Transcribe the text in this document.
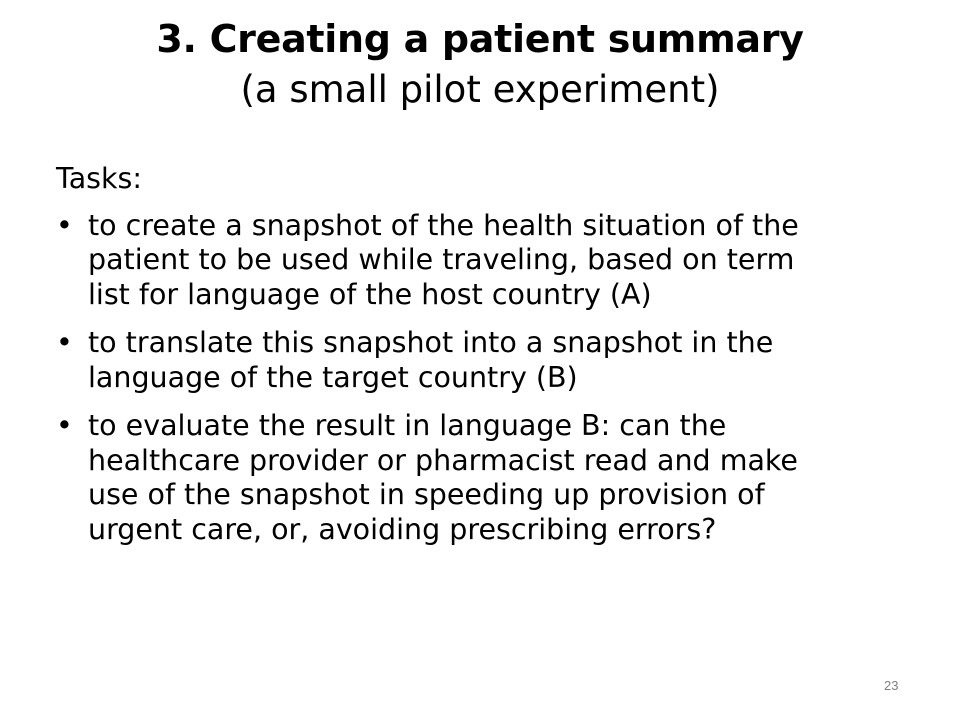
3. Creating a patient summary
(a small pilot experiment)
Tasks:
• to create a snapshot of the health situation of the
patient to be used while traveling, based on term
list for language of the host country (A)
• to translate this snapshot into a snapshot in the
language of the target country (B)
• to evaluate the result in language B: can the
healthcare provider or pharmacist read and make
use of the snapshot in speeding up provision of
urgent care, or, avoiding prescribing errors?
23
